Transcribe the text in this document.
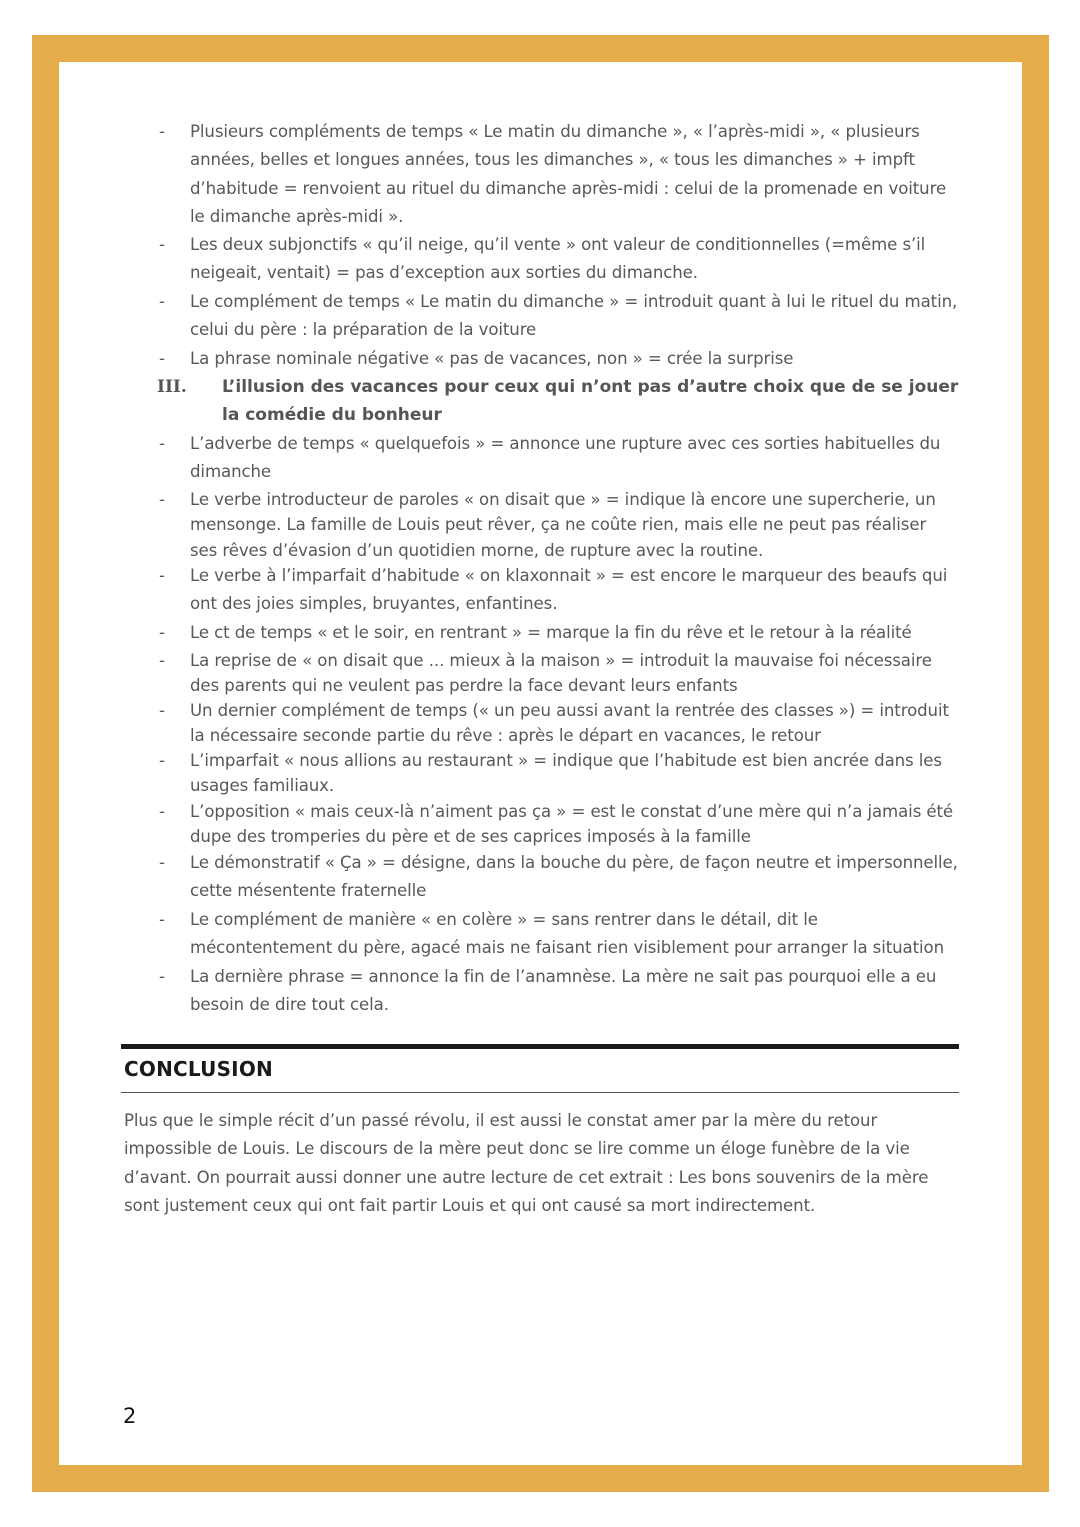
- Plusieurs compléments de temps « Le matin du dimanche », « l’après-midi », « plusieurs années, belles et longues années, tous les dimanches », « tous les dimanches » + impft d’habitude = renvoient au rituel du dimanche après-midi : celui de la promenade en voiture le dimanche après-midi ».
- Les deux subjonctifs « qu’il neige, qu’il vente » ont valeur de conditionnelles (=même s’il neigeait, ventait) = pas d’exception aux sorties du dimanche.
- Le complément de temps « Le matin du dimanche » = introduit quant à lui le rituel du matin, celui du père : la préparation de la voiture
- La phrase nominale négative « pas de vacances, non » = crée la surprise
III. L’illusion des vacances pour ceux qui n’ont pas d’autre choix que de se jouer la comédie du bonheur
- L’adverbe de temps « quelquefois » = annonce une rupture avec ces sorties habituelles du dimanche
- Le verbe introducteur de paroles « on disait que » = indique là encore une supercherie, un mensonge. La famille de Louis peut rêver, ça ne coûte rien, mais elle ne peut pas réaliser ses rêves d’évasion d’un quotidien morne, de rupture avec la routine.
- Le verbe à l’imparfait d’habitude « on klaxonnait » = est encore le marqueur des beaufs qui ont des joies simples, bruyantes, enfantines.
- Le ct de temps « et le soir, en rentrant » = marque la fin du rêve et le retour à la réalité
- La reprise de « on disait que ... mieux à la maison » = introduit la mauvaise foi nécessaire des parents qui ne veulent pas perdre la face devant leurs enfants
- Un dernier complément de temps (« un peu aussi avant la rentrée des classes ») = introduit la nécessaire seconde partie du rêve : après le départ en vacances, le retour
- L’imparfait « nous allions au restaurant » = indique que l’habitude est bien ancrée dans les usages familiaux.
- L’opposition « mais ceux-là n’aiment pas ça » = est le constat d’une mère qui n’a jamais été dupe des tromperies du père et de ses caprices imposés à la famille
- Le démonstratif « Ça » = désigne, dans la bouche du père, de façon neutre et impersonnelle, cette mésentente fraternelle
- Le complément de manière « en colère » = sans rentrer dans le détail, dit le mécontentement du père, agacé mais ne faisant rien visiblement pour arranger la situation
- La dernière phrase = annonce la fin de l’anamnèse. La mère ne sait pas pourquoi elle a eu besoin de dire tout cela.
CONCLUSION
Plus que le simple récit d’un passé révolu, il est aussi le constat amer par la mère du retour impossible de Louis. Le discours de la mère peut donc se lire comme un éloge funèbre de la vie d’avant. On pourrait aussi donner une autre lecture de cet extrait : Les bons souvenirs de la mère sont justement ceux qui ont fait partir Louis et qui ont causé sa mort indirectement.
2
